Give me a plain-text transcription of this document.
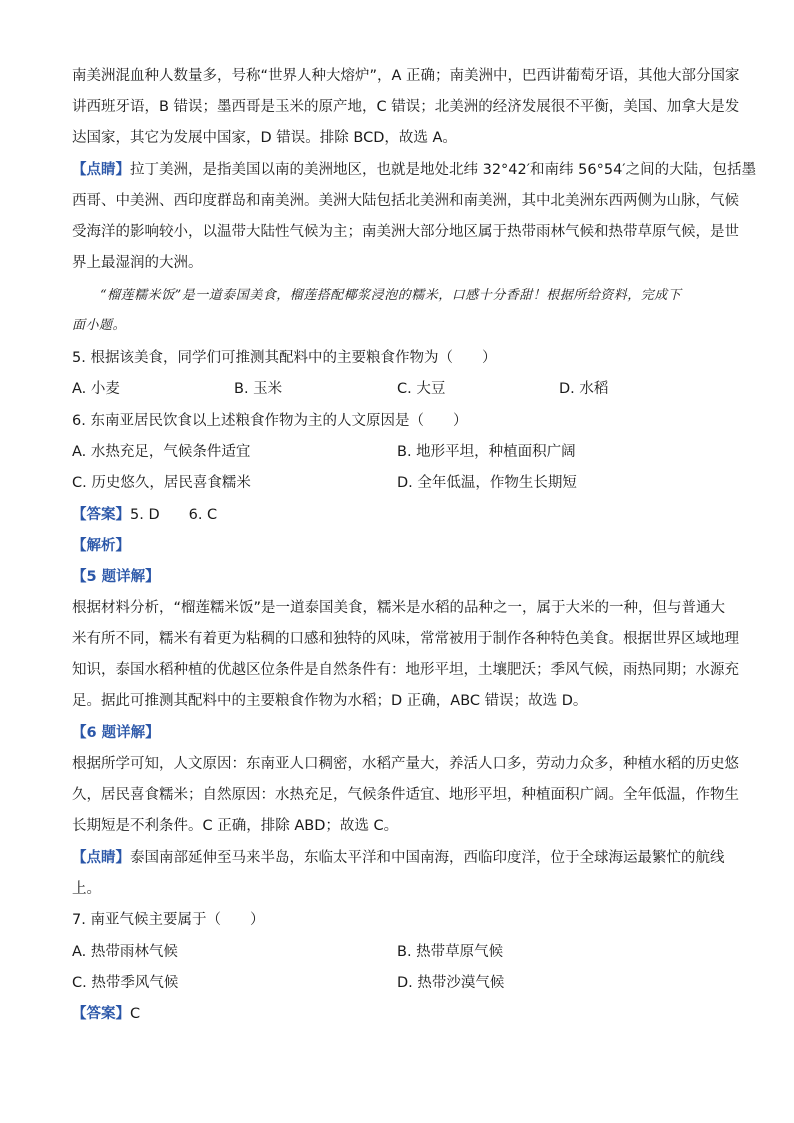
南美洲混血种人数量多，号称“世界人种大熔炉”，A 正确；南美洲中，巴西讲葡萄牙语，其他大部分国家
讲西班牙语，B 错误；墨西哥是玉米的原产地，C 错误；北美洲的经济发展很不平衡，美国、加拿大是发
达国家，其它为发展中国家，D 错误。排除 BCD，故选 A。
【点睛】拉丁美洲，是指美国以南的美洲地区，也就是地处北纬 32°42′和南纬 56°54′之间的大陆，包括墨
西哥、中美洲、西印度群岛和南美洲。美洲大陆包括北美洲和南美洲，其中北美洲东西两侧为山脉，气候
受海洋的影响较小，以温带大陆性气候为主；南美洲大部分地区属于热带雨林气候和热带草原气候，是世
界上最湿润的大洲。
“榴莲糯米饭”是一道泰国美食，榴莲搭配椰浆浸泡的糯米，口感十分香甜！根据所给资料，完成下
面小题。
5. 根据该美食，同学们可推测其配料中的主要粮食作物为（　　）
A. 小麦	B. 玉米	C. 大豆	D. 水稻
6. 东南亚居民饮食以上述粮食作物为主的人文原因是（　　）
A. 水热充足，气候条件适宜	B. 地形平坦，种植面积广阔
C. 历史悠久，居民喜食糯米	D. 全年低温，作物生长期短
【答案】5. D　　6. C
【解析】
【5 题详解】
根据材料分析，“榴莲糯米饭”是一道泰国美食，糯米是水稻的品种之一，属于大米的一种，但与普通大
米有所不同，糯米有着更为粘稠的口感和独特的风味，常常被用于制作各种特色美食。根据世界区域地理
知识，泰国水稻种植的优越区位条件是自然条件有：地形平坦，土壤肥沃；季风气候，雨热同期；水源充
足。据此可推测其配料中的主要粮食作物为水稻；D 正确，ABC 错误；故选 D。
【6 题详解】
根据所学可知，人文原因：东南亚人口稠密，水稻产量大，养活人口多，劳动力众多，种植水稻的历史悠
久，居民喜食糯米；自然原因：水热充足，气候条件适宜、地形平坦，种植面积广阔。全年低温，作物生
长期短是不利条件。C 正确，排除 ABD；故选 C。
【点睛】泰国南部延伸至马来半岛，东临太平洋和中国南海，西临印度洋，位于全球海运最繁忙的航线
上。
7. 南亚气候主要属于（　　）
A. 热带雨林气候	B. 热带草原气候
C. 热带季风气候	D. 热带沙漠气候
【答案】C
